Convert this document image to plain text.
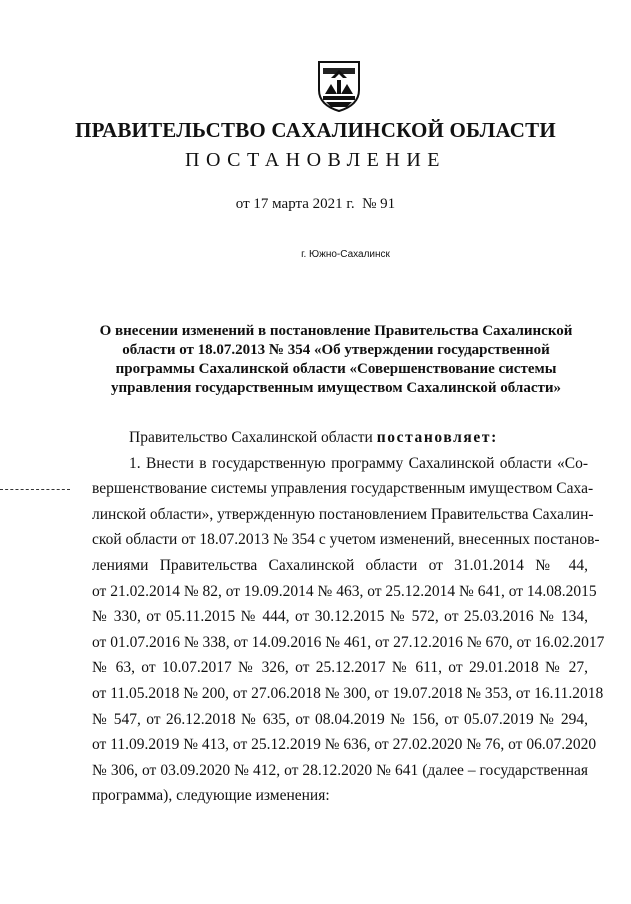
ПРАВИТЕЛЬСТВО САХАЛИНСКОЙ ОБЛАСТИ
ПОСТАНОВЛЕНИЕ
от 17 марта 2021 г. № 91
г. Южно-Сахалинск
О внесении изменений в постановление Правительства Сахалинской
области от 18.07.2013 № 354 «Об утверждении государственной
программы Сахалинской области «Совершенствование системы
управления государственным имуществом Сахалинской области»
Правительство Сахалинской области постановляет:
1. Внести в государственную программу Сахалинской области «Со-
вершенствование системы управления государственным имуществом Саха-
линской области», утвержденную постановлением Правительства Сахалин-
ской области от 18.07.2013 № 354 с учетом изменений, внесенных постанов-
лениями Правительства Сахалинской области от 31.01.2014 № 44,
от 21.02.2014 № 82, от 19.09.2014 № 463, от 25.12.2014 № 641, от 14.08.2015
№ 330, от 05.11.2015 № 444, от 30.12.2015 № 572, от 25.03.2016 № 134,
от 01.07.2016 № 338, от 14.09.2016 № 461, от 27.12.2016 № 670, от 16.02.2017
№ 63, от 10.07.2017 № 326, от 25.12.2017 № 611, от 29.01.2018 № 27,
от 11.05.2018 № 200, от 27.06.2018 № 300, от 19.07.2018 № 353, от 16.11.2018
№ 547, от 26.12.2018 № 635, от 08.04.2019 № 156, от 05.07.2019 № 294,
от 11.09.2019 № 413, от 25.12.2019 № 636, от 27.02.2020 № 76, от 06.07.2020
№ 306, от 03.09.2020 № 412, от 28.12.2020 № 641 (далее – государственная
программа), следующие изменения:
